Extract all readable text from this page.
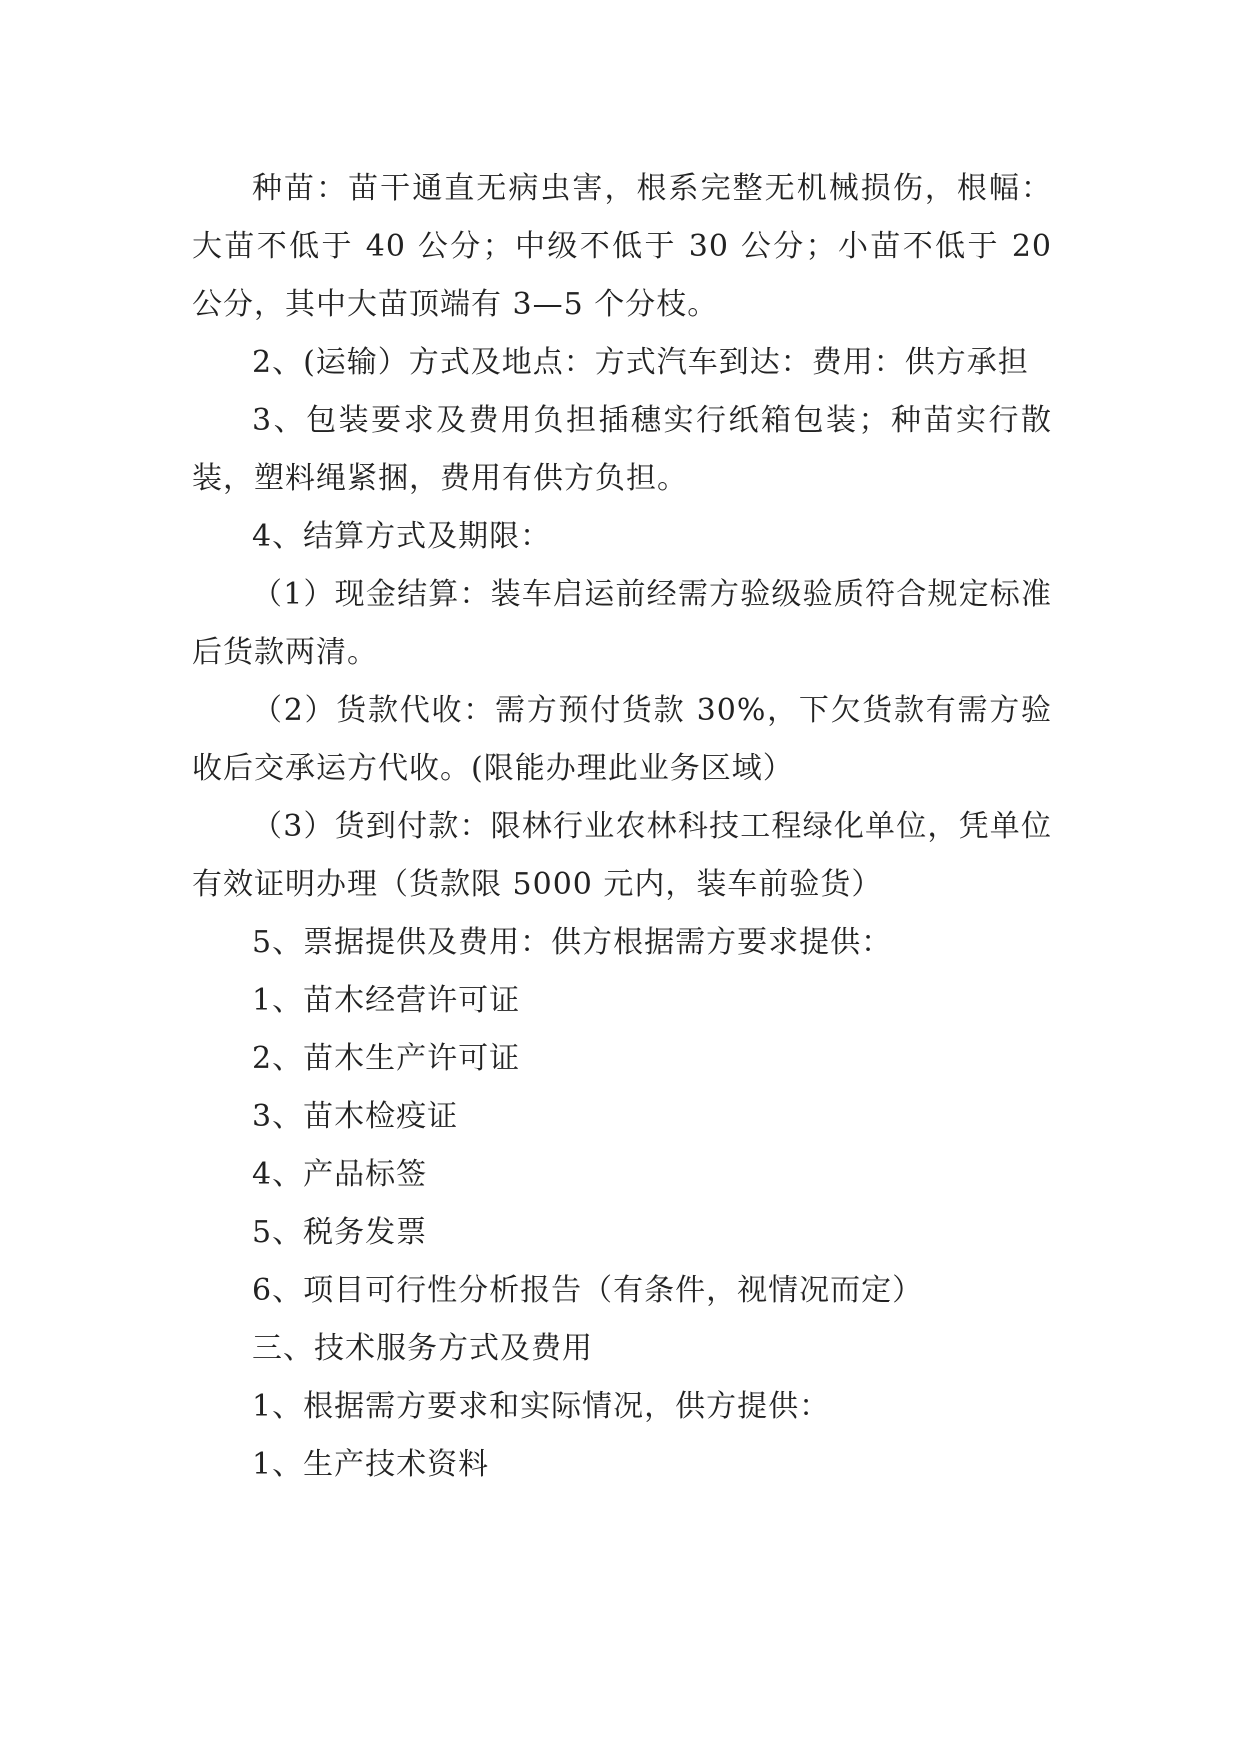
种苗：苗干通直无病虫害，根系完整无机械损伤，根幅：大苗不低于 40 公分；中级不低于 30 公分；小苗不低于 20 公分，其中大苗顶端有 3—5 个分枝。

2、(运输）方式及地点：方式汽车到达：费用：供方承担

3、包装要求及费用负担插穗实行纸箱包装；种苗实行散装，塑料绳紧捆，费用有供方负担。

4、结算方式及期限：

（1）现金结算：装车启运前经需方验级验质符合规定标准后货款两清。

（2）货款代收：需方预付货款 30%，下欠货款有需方验收后交承运方代收。(限能办理此业务区域）

（3）货到付款：限林行业农林科技工程绿化单位，凭单位有效证明办理（货款限 5000 元内，装车前验货）

5、票据提供及费用：供方根据需方要求提供：

1、苗木经营许可证

2、苗木生产许可证

3、苗木检疫证

4、产品标签

5、税务发票

6、项目可行性分析报告（有条件，视情况而定）

三、技术服务方式及费用

1、根据需方要求和实际情况，供方提供：

1、生产技术资料
